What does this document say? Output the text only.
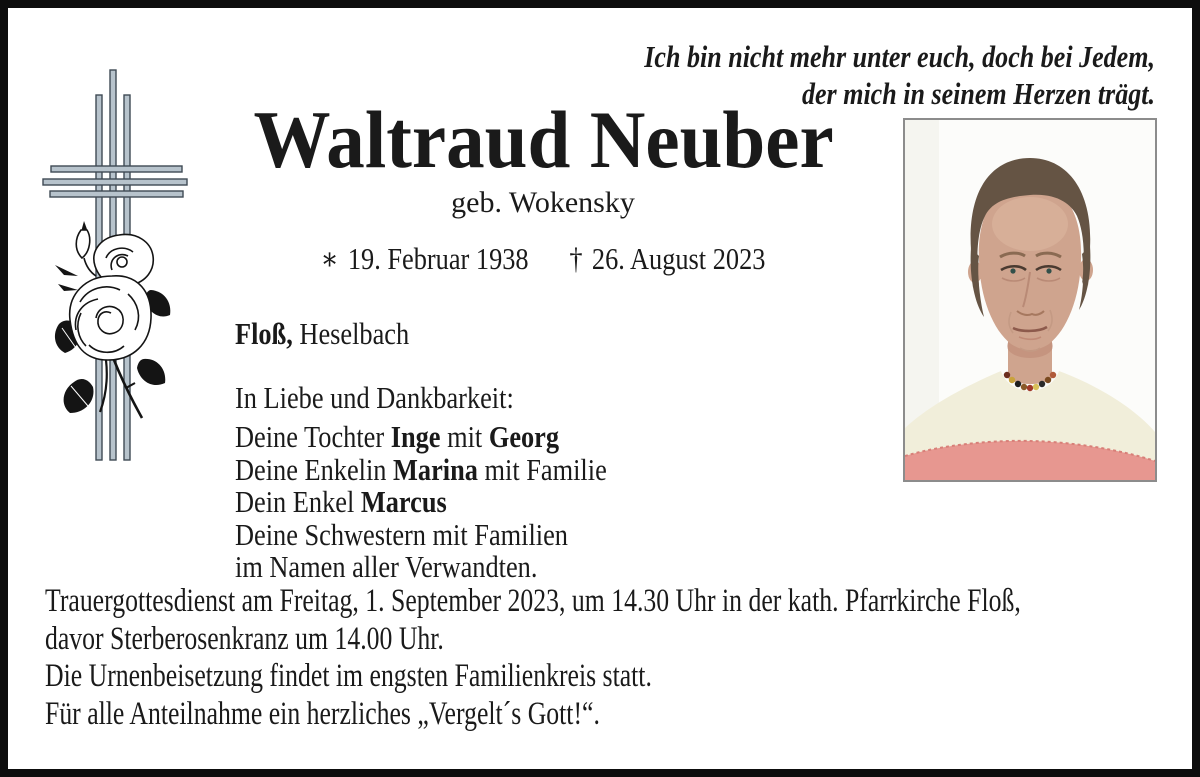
Ich bin nicht mehr unter euch, doch bei Jedem,
der mich in seinem Herzen trägt.
Waltraud Neuber
geb. Wokensky
∗ 19. Februar 1938 † 26. August 2023

Floß, Heselbach

In Liebe und Dankbarkeit:

Deine Tochter Inge mit Georg

Deine Enkelin Marina mit Familie

Dein Enkel Marcus

Deine Schwestern mit Familien

im Namen aller Verwandten.

Trauergottesdienst am Freitag, 1. September 2023, um 14.30 Uhr in der kath. Pfarrkirche Floß,

davor Sterberosenkranz um 14.00 Uhr.

Die Urnenbeisetzung findet im engsten Familienkreis statt.

Für alle Anteilnahme ein herzliches „Vergelt´s Gott!“.
